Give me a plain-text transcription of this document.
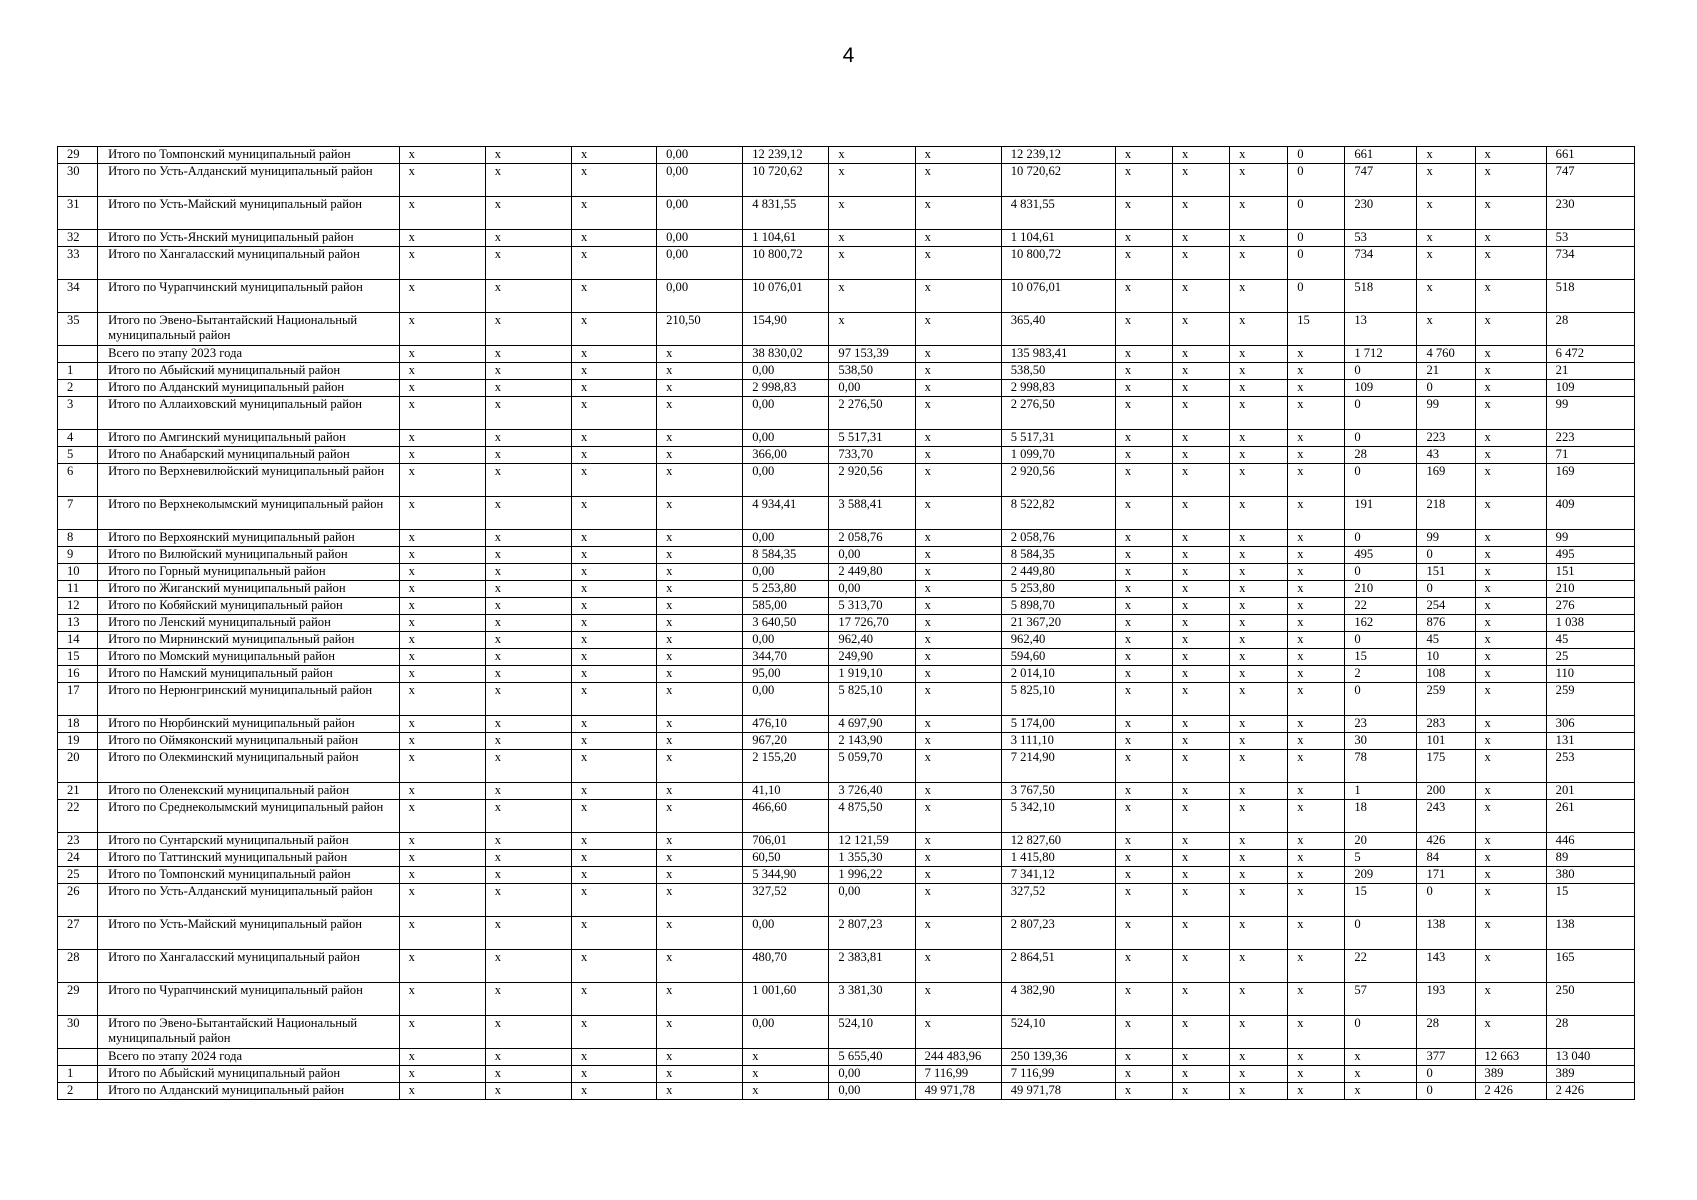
4
29	Итого по Томпонский муниципальный район	x	x	x	0,00	12 239,12	x	x	12 239,12	x	x	x	0	661	x	x	661
30	Итого по Усть-Алданский муниципальный район	x	x	x	0,00	10 720,62	x	x	10 720,62	x	x	x	0	747	x	x	747
31	Итого по Усть-Майский муниципальный район	x	x	x	0,00	4 831,55	x	x	4 831,55	x	x	x	0	230	x	x	230
32	Итого по Усть-Янский муниципальный район	x	x	x	0,00	1 104,61	x	x	1 104,61	x	x	x	0	53	x	x	53
33	Итого по Хангаласский муниципальный район	x	x	x	0,00	10 800,72	x	x	10 800,72	x	x	x	0	734	x	x	734
34	Итого по Чурапчинский муниципальный район	x	x	x	0,00	10 076,01	x	x	10 076,01	x	x	x	0	518	x	x	518
35	Итого по Эвено-Бытантайский Национальный муниципальный район	x	x	x	210,50	154,90	x	x	365,40	x	x	x	15	13	x	x	28
	Всего по этапу 2023 года	x	x	x	x	38 830,02	97 153,39	x	135 983,41	x	x	x	x	1 712	4 760	x	6 472
1	Итого по Абыйский муниципальный район	x	x	x	x	0,00	538,50	x	538,50	x	x	x	x	0	21	x	21
2	Итого по Алданский муниципальный район	x	x	x	x	2 998,83	0,00	x	2 998,83	x	x	x	x	109	0	x	109
3	Итого по Аллаиховский муниципальный район	x	x	x	x	0,00	2 276,50	x	2 276,50	x	x	x	x	0	99	x	99
4	Итого по Амгинский муниципальный район	x	x	x	x	0,00	5 517,31	x	5 517,31	x	x	x	x	0	223	x	223
5	Итого по Анабарский муниципальный район	x	x	x	x	366,00	733,70	x	1 099,70	x	x	x	x	28	43	x	71
6	Итого по Верхневилюйский муниципальный район	x	x	x	x	0,00	2 920,56	x	2 920,56	x	x	x	x	0	169	x	169
7	Итого по Верхнеколымский муниципальный район	x	x	x	x	4 934,41	3 588,41	x	8 522,82	x	x	x	x	191	218	x	409
8	Итого по Верхоянский муниципальный район	x	x	x	x	0,00	2 058,76	x	2 058,76	x	x	x	x	0	99	x	99
9	Итого по Вилюйский муниципальный район	x	x	x	x	8 584,35	0,00	x	8 584,35	x	x	x	x	495	0	x	495
10	Итого по Горный муниципальный район	x	x	x	x	0,00	2 449,80	x	2 449,80	x	x	x	x	0	151	x	151
11	Итого по Жиганский муниципальный район	x	x	x	x	5 253,80	0,00	x	5 253,80	x	x	x	x	210	0	x	210
12	Итого по Кобяйский муниципальный район	x	x	x	x	585,00	5 313,70	x	5 898,70	x	x	x	x	22	254	x	276
13	Итого по Ленский муниципальный район	x	x	x	x	3 640,50	17 726,70	x	21 367,20	x	x	x	x	162	876	x	1 038
14	Итого по Мирнинский муниципальный район	x	x	x	x	0,00	962,40	x	962,40	x	x	x	x	0	45	x	45
15	Итого по Момский муниципальный район	x	x	x	x	344,70	249,90	x	594,60	x	x	x	x	15	10	x	25
16	Итого по Намский муниципальный район	x	x	x	x	95,00	1 919,10	x	2 014,10	x	x	x	x	2	108	x	110
17	Итого по Нерюнгринский муниципальный район	x	x	x	x	0,00	5 825,10	x	5 825,10	x	x	x	x	0	259	x	259
18	Итого по Нюрбинский муниципальный район	x	x	x	x	476,10	4 697,90	x	5 174,00	x	x	x	x	23	283	x	306
19	Итого по Оймяконский муниципальный район	x	x	x	x	967,20	2 143,90	x	3 111,10	x	x	x	x	30	101	x	131
20	Итого по Олекминский муниципальный район	x	x	x	x	2 155,20	5 059,70	x	7 214,90	x	x	x	x	78	175	x	253
21	Итого по Оленекский муниципальный район	x	x	x	x	41,10	3 726,40	x	3 767,50	x	x	x	x	1	200	x	201
22	Итого по Среднеколымский муниципальный район	x	x	x	x	466,60	4 875,50	x	5 342,10	x	x	x	x	18	243	x	261
23	Итого по Сунтарский муниципальный район	x	x	x	x	706,01	12 121,59	x	12 827,60	x	x	x	x	20	426	x	446
24	Итого по Таттинский муниципальный район	x	x	x	x	60,50	1 355,30	x	1 415,80	x	x	x	x	5	84	x	89
25	Итого по Томпонский муниципальный район	x	x	x	x	5 344,90	1 996,22	x	7 341,12	x	x	x	x	209	171	x	380
26	Итого по Усть-Алданский муниципальный район	x	x	x	x	327,52	0,00	x	327,52	x	x	x	x	15	0	x	15
27	Итого по Усть-Майский муниципальный район	x	x	x	x	0,00	2 807,23	x	2 807,23	x	x	x	x	0	138	x	138
28	Итого по Хангаласский муниципальный район	x	x	x	x	480,70	2 383,81	x	2 864,51	x	x	x	x	22	143	x	165
29	Итого по Чурапчинский муниципальный район	x	x	x	x	1 001,60	3 381,30	x	4 382,90	x	x	x	x	57	193	x	250
30	Итого по Эвено-Бытантайский Национальный муниципальный район	x	x	x	x	0,00	524,10	x	524,10	x	x	x	x	0	28	x	28
	Всего по этапу 2024 года	x	x	x	x	x	5 655,40	244 483,96	250 139,36	x	x	x	x	x	377	12 663	13 040
1	Итого по Абыйский муниципальный район	x	x	x	x	x	0,00	7 116,99	7 116,99	x	x	x	x	x	0	389	389
2	Итого по Алданский муниципальный район	x	x	x	x	x	0,00	49 971,78	49 971,78	x	x	x	x	x	0	2 426	2 426
